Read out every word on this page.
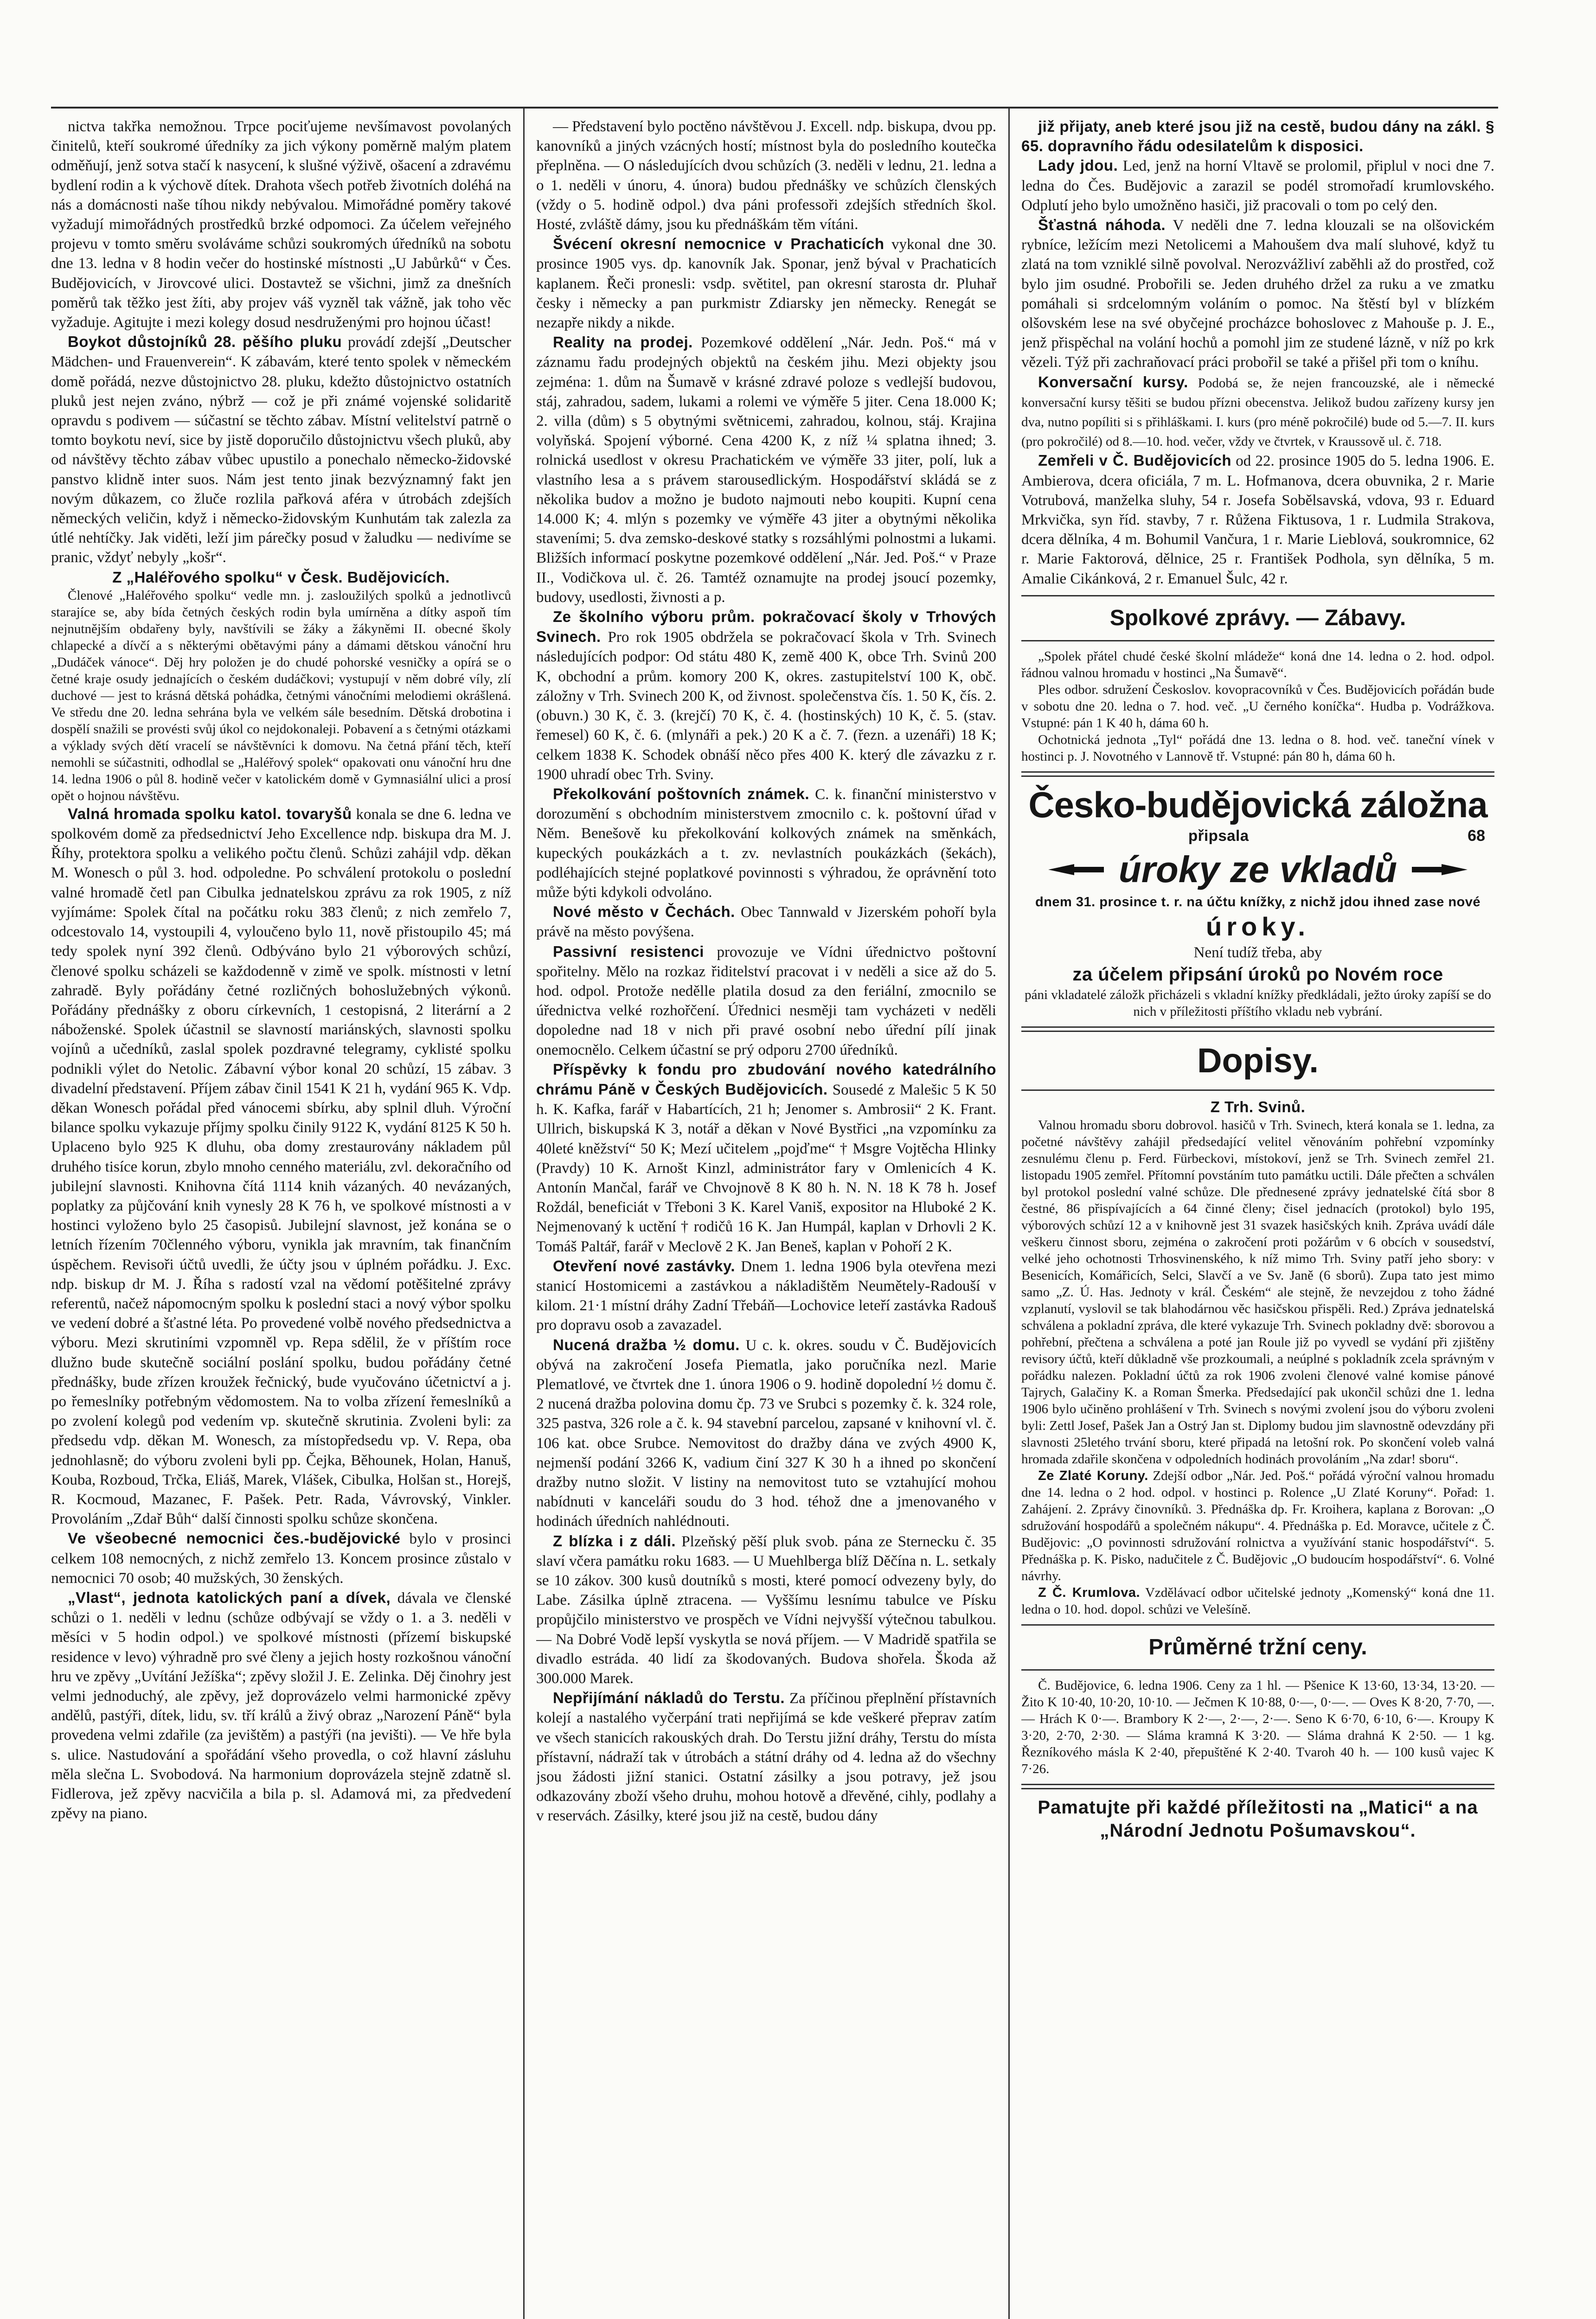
nictva takřka nemožnou. Trpce pociťujeme nevšímavost povolaných činitelů, kteří soukromé úředníky za jich výkony poměrně malým platem odměňují, jenž sotva stačí k nasycení, k slušné výživě, ošacení a zdravému bydlení rodin a k výchově dítek. Drahota všech potřeb životních doléhá na nás a domácnosti naše tíhou nikdy nebývalou. Mimořádné poměry takové vyžadují mimořádných prostředků brzké odpomoci. Za účelem veřejného projevu v tomto směru svoláváme schůzi soukromých úředníků na sobotu dne 13. ledna v 8 hodin večer do hostinské místnosti „U Jabůrků“ v Čes. Budějovicích, v Jirovcové ulici. Dostavtež se všichni, jimž za dnešních poměrů tak těžko jest žíti, aby projev váš vyzněl tak vážně, jak toho věc vyžaduje. Agitujte i mezi kolegy dosud nesdruženými pro hojnou účast!

Boykot důstojníků 28. pěšího pluku provádí zdejší „Deutscher Mädchen- und Frauenverein“. K zábavám, které tento spolek v německém domě pořádá, nezve důstojnictvo 28. pluku, kdežto důstojnictvo ostatních pluků jest nejen zváno, nýbrž — což je při známé vojenské solidaritě opravdu s podivem — súčastní se těchto zábav. Místní velitelství patrně o tomto boykotu neví, sice by jistě doporučilo důstojnictvu všech pluků, aby od návštěvy těchto zábav vůbec upustilo a ponechalo německo-židovské panstvo klidně inter suos. Nám jest tento jinak bezvýznamný fakt jen novým důkazem, co žluče rozlila pařková aféra v útrobách zdejších německých veličin, když i německo-židovským Kunhutám tak zalezla za útlé nehtíčky. Jak viděti, leží jim párečky posud v žaludku — nedivíme se pranic, vždyť nebyly „košr“.

Z „Haléřového spolku“ v Česk. Budějovicích.

Členové „Haléřového spolku“ vedle mn. j. zasloužilých spolků a jednotlivců starajíce se, aby bída četných českých rodin byla umírněna a dítky aspoň tím nejnutnějším obdařeny byly, navštívili se žáky a žákyněmi II. obecné školy chlapecké a dívčí a s některými obětavými pány a dámami dětskou vánoční hru „Dudáček vánoce“. Děj hry položen je do chudé pohorské vesničky a opírá se o četné kraje osudy jednajících o českém dudáčkovi; vystupují v něm dobré víly, zlí duchové — jest to krásná dětská pohádka, četnými vánočními melodiemi okrášlená. Ve středu dne 20. ledna sehrána byla ve velkém sále besedním. Dětská drobotina i dospělí snažili se provésti svůj úkol co nejdokonaleji. Pobavení a s četnými otázkami a výklady svých dětí vracelí se návštěvníci k domovu. Na četná přání těch, kteří nemohli se súčastniti, odhodlal se „Haléřový spolek“ opakovati onu vánoční hru dne 14. ledna 1906 o půl 8. hodině večer v katolickém domě v Gymnasiální ulici a prosí opět o hojnou návštěvu.

Valná hromada spolku katol. tovaryšů konala se dne 6. ledna ve spolkovém domě za předsednictví Jeho Excellence ndp. biskupa dra M. J. Říhy, protektora spolku a velikého počtu členů. Schůzi zahájil vdp. děkan M. Wonesch o půl 3. hod. odpoledne. Po schválení protokolu o poslední valné hromadě četl pan Cibulka jednatelskou zprávu za rok 1905, z níž vyjímáme: Spolek čítal na počátku roku 383 členů; z nich zemřelo 7, odcestovalo 14, vystoupili 4, vyloučeno bylo 11, nově přistoupilo 45; má tedy spolek nyní 392 členů. Odbýváno bylo 21 výborových schůzí, členové spolku scházeli se každodenně v zimě ve spolk. místnosti v letní zahradě. Byly pořádány četné rozličných bohoslužebných výkonů. Pořádány přednášky z oboru církevních, 1 cestopisná, 2 literární a 2 náboženské. Spolek účastnil se slavností mariánských, slavnosti spolku vojínů a učedníků, zaslal spolek pozdravné telegramy, cyklisté spolku podnikli výlet do Netolic. Zábavní výbor konal 20 schůzí, 15 zábav. 3 divadelní představení. Příjem zábav činil 1541 K 21 h, vydání 965 K. Vdp. děkan Wonesch pořádal před vánocemi sbírku, aby splnil dluh. Výroční bilance spolku vykazuje příjmy spolku činily 9122 K, vydání 8125 K 50 h. Uplaceno bylo 925 K dluhu, oba domy zrestaurovány nákladem půl druhého tisíce korun, zbylo mnoho cenného materiálu, zvl. dekoračního od jubilejní slavnosti. Knihovna čítá 1114 knih vázaných. 40 nevázaných, poplatky za půjčování knih vynesly 28 K 76 h, ve spolkové místnosti a v hostinci vyloženo bylo 25 časopisů. Jubilejní slavnost, jež konána se o letních řízením 70členného výboru, vynikla jak mravním, tak finančním úspěchem. Revisoři účtů uvedli, že účty jsou v úplném pořádku. J. Exc. ndp. biskup dr M. J. Říha s radostí vzal na vědomí potěšitelné zprávy referentů, načež nápomocným spolku k poslední staci a nový výbor spolku ve vedení dobré a šťastné léta. Po provedené volbě nového předsednictva a výboru. Mezi skrutiními vzpomněl vp. Repa sdělil, že v příštím roce dlužno bude skutečně sociální poslání spolku, budou pořádány četné přednášky, bude zřízen kroužek řečnický, bude vyučováno účetnictví a j. po řemeslníky potřebným vědomostem. Na to volba zřízení řemeslníků a po zvolení kolegů pod vedením vp. skutečně skrutinia. Zvoleni byli: za předsedu vdp. děkan M. Wonesch, za místopředsedu vp. V. Repa, oba jednohlasně; do výboru zvoleni byli pp. Čejka, Běhounek, Holan, Hanuš, Kouba, Rozboud, Trčka, Eliáš, Marek, Vlášek, Cibulka, Holšan st., Horejš, R. Kocmoud, Mazanec, F. Pašek. Petr. Rada, Vávrovský, Vinkler. Provoláním „Zdař Bůh“ další činnosti spolku schůze skončena.

Ve všeobecné nemocnici čes.-budějovické bylo v prosinci celkem 108 nemocných, z nichž zemřelo 13. Koncem prosince zůstalo v nemocnici 70 osob; 40 mužských, 30 ženských.

„Vlast“, jednota katolických paní a dívek, dávala ve členské schůzi o 1. neděli v lednu (schůze odbývají se vždy o 1. a 3. neděli v měsíci v 5 hodin odpol.) ve spolkové místnosti (přízemí biskupské residence v levo) výhradně pro své členy a jejich hosty rozkošnou vánoční hru ve zpěvy „Uvítání Ježíška“; zpěvy složil J. E. Zelinka. Děj činohry jest velmi jednoduchý, ale zpěvy, jež doprovázelo velmi harmonické zpěvy andělů, pastýři, dítek, lidu, sv. tří králů a živý obraz „Narození Páně“ byla provedena velmi zdařile (za jevištěm) a pastýři (na jevišti). — Ve hře byla s. ulice. Nastudování a spořádání všeho provedla, o což hlavní zásluhu měla slečna L. Svobodová. Na harmonium doprovázela stejně zdatně sl. Fidlerova, jež zpěvy nacvičila a bila p. sl. Adamová mi, za předvedení zpěvy na piano.

— Představení bylo poctěno návštěvou J. Excell. ndp. biskupa, dvou pp. kanovníků a jiných vzácných hostí; místnost byla do posledního koutečka přeplněna. — O následujících dvou schůzích (3. neděli v lednu, 21. ledna a o 1. neděli v únoru, 4. února) budou přednášky ve schůzích členských (vždy o 5. hodině odpol.) dva páni professoři zdejších středních škol. Hosté, zvláště dámy, jsou ku přednáškám těm vítáni.

Švécení okresní nemocnice v Prachaticích vykonal dne 30. prosince 1905 vys. dp. kanovník Jak. Sponar, jenž býval v Prachaticích kaplanem. Řeči pronesli: vsdp. světitel, pan okresní starosta dr. Pluhař česky i německy a pan purkmistr Zdiarsky jen německy. Renegát se nezapře nikdy a nikde.

Reality na prodej. Pozemkové oddělení „Nár. Jedn. Poš.“ má v záznamu řadu prodejných objektů na českém jihu. Mezi objekty jsou zejména: 1. dům na Šumavě v krásné zdravé poloze s vedlejší budovou, stáj, zahradou, sadem, lukami a rolemi ve výměře 5 jiter. Cena 18.000 K; 2. villa (dům) s 5 obytnými světnicemi, zahradou, kolnou, stáj. Krajina volyňská. Spojení výborné. Cena 4200 K, z níž ¼ splatna ihned; 3. rolnická usedlost v okresu Prachatickém ve výměře 33 jiter, polí, luk a vlastního lesa a s právem starousedlickým. Hospodářství skládá se z několika budov a možno je budoto najmouti nebo koupiti. Kupní cena 14.000 K; 4. mlýn s pozemky ve výměře 43 jiter a obytnými několika staveními; 5. dva zemsko-deskové statky s rozsáhlými polnostmi a lukami. Bližších informací poskytne pozemkové oddělení „Nár. Jed. Poš.“ v Praze II., Vodičkova ul. č. 26. Tamtéž oznamujte na prodej jsoucí pozemky, budovy, usedlosti, živnosti a p.

Ze školního výboru prům. pokračovací školy v Trhových Svinech. Pro rok 1905 obdržela se pokračovací škola v Trh. Svinech následujících podpor: Od státu 480 K, země 400 K, obce Trh. Svinů 200 K, obchodní a prům. komory 200 K, okres. zastupitelství 100 K, obč. záložny v Trh. Svinech 200 K, od živnost. společenstva čís. 1. 50 K, čís. 2. (obuvn.) 30 K, č. 3. (krejčí) 70 K, č. 4. (hostinských) 10 K, č. 5. (stav. řemesel) 60 K, č. 6. (mlynáři a pek.) 20 K a č. 7. (řezn. a uzenáři) 18 K; celkem 1838 K. Schodek obnáší něco přes 400 K. který dle závazku z r. 1900 uhradí obec Trh. Sviny.

Překolkování poštovních známek. C. k. finanční ministerstvo v dorozumění s obchodním ministerstvem zmocnilo c. k. poštovní úřad v Něm. Benešově ku překolkování kolkových známek na směnkách, kupeckých poukázkách a t. zv. nevlastních poukázkách (šekách), podléhajících stejné poplatkové povinnosti s výhradou, že oprávnění toto může býti kdykoli odvoláno.

Nové město v Čechách. Obec Tannwald v Jizerském pohoří byla právě na město povýšena.

Passivní resistenci provozuje ve Vídni úřednictvo poštovní spořitelny. Mělo na rozkaz řiditelství pracovat i v neděli a sice až do 5. hod. odpol. Protože nedělle platila dosud za den feriální, zmocnilo se úřednictva velké rozhořčení. Úřednici nesměji tam vycházeti v neděli dopoledne nad 18 v nich při pravé osobní nebo úřední pílí jinak onemocnělo. Celkem účastní se prý odporu 2700 úředníků.

Příspěvky k fondu pro zbudování nového katedrálního chrámu Páně v Českých Budějovicích. Sousedé z Malešic 5 K 50 h. K. Kafka, farář v Habartících, 21 h; Jenomer s. Ambrosii“ 2 K. Frant. Ullrich, biskupská K 3, notář a děkan v Nové Bystřici „na vzpomínku za 40leté kněžství“ 50 K; Mezí učitelem „pojďme“ † Msgre Vojtěcha Hlinky (Pravdy) 10 K. Arnošt Kinzl, administrátor fary v Omlenicích 4 K. Antonín Mančal, farář ve Chvojnově 8 K 80 h. N. N. 18 K 78 h. Josef Roždál, beneficiát v Třeboni 3 K. Karel Vaniš, expositor na Hluboké 2 K. Nejmenovaný k uctění † rodičů 16 K. Jan Humpál, kaplan v Drhovli 2 K. Tomáš Paltář, farář v Meclově 2 K. Jan Beneš, kaplan v Pohoří 2 K.

Otevření nové zastávky. Dnem 1. ledna 1906 byla otevřena mezi stanicí Hostomicemi a zastávkou a nákladištěm Neumětely-Radouší v kilom. 21·1 místní dráhy Zadní Třebáň—Lochovice leteří zastávka Radouš pro dopravu osob a zavazadel.

Nucená dražba ½ domu. U c. k. okres. soudu v Č. Budějovicích obývá na zakročení Josefa Piematla, jako poručníka nezl. Marie Plematlové, ve čtvrtek dne 1. února 1906 o 9. hodině dopolední ½ domu č. 2 nucená dražba polovina domu čp. 73 ve Srubci s pozemky č. k. 324 role, 325 pastva, 326 role a č. k. 94 stavební parcelou, zapsané v knihovní vl. č. 106 kat. obce Srubce. Nemovitost do dražby dána ve zvých 4900 K, nejmenší podání 3266 K, vadium činí 327 K 30 h a ihned po skončení dražby nutno složit. V listiny na nemovitost tuto se vztahující mohou nabídnuti v kanceláři soudu do 3 hod. téhož dne a jmenovaného v hodinách úředních nahlédnouti.

Z blízka i z dáli. Plzeňský pěší pluk svob. pána ze Sternecku č. 35 slaví včera památku roku 1683. — U Muehlberga blíž Děčína n. L. setkaly se 10 zákov. 300 kusů doutníků s mosti, které pomocí odvezeny byly, do Labe. Zásilka úplně ztracena. — Vyššímu lesnímu tabulce ve Písku propůjčilo ministerstvo ve prospěch ve Vídni nejvyšší výtečnou tabulkou. — Na Dobré Vodě lepší vyskytla se nová příjem. — V Madridě spatřila se divadlo estráda. 40 lidí za škodovaných. Budova shořela. Škoda až 300.000 Marek.

Nepřijímání nákladů do Terstu. Za příčinou přeplnění přístavních kolejí a nastalého vyčerpání trati nepřijímá se kde veškeré přeprav zatím ve všech stanicích rakouských drah. Do Terstu jižní dráhy, Terstu do místa přístavní, nádraží tak v útrobách a státní dráhy od 4. ledna až do všechny jsou žádosti jižní stanici. Ostatní zásilky a jsou potravy, jež jsou odkazovány zboží všeho druhu, mohou hotově a dřevěné, cihly, podlahy a v reservách. Zásilky, které jsou již na cestě, budou dány

již přijaty, aneb které jsou již na cestě, budou dány na zákl. § 65. dopravního řádu odesilatelům k disposici.

Lady jdou. Led, jenž na horní Vltavě se prolomil, připlul v noci dne 7. ledna do Čes. Budějovic a zarazil se podél stromořadí krumlovského. Odplutí jeho bylo umožněno hasiči, již pracovali o tom po celý den.

Šťastná náhoda. V neděli dne 7. ledna klouzali se na olšovickém rybníce, ležícím mezi Netolicemi a Mahoušem dva malí sluhové, když tu zlatá na tom vzniklé silně povolval. Nerozvážliví zaběhli až do prostřed, což bylo jim osudné. Probořili se. Jeden druhého držel za ruku a ve zmatku pomáhali si srdcelomným voláním o pomoc. Na štěstí byl v blízkém olšovském lese na své obyčejné procházce bohoslovec z Mahouše p. J. E., jenž přispěchal na volání hochů a pomohl jim ze studené lázně, v níž po krk vězeli. Týž při zachraňovací práci probořil se také a přišel při tom o kníhu.

Konversační kursy. Podobá se, že nejen francouzské, ale i německé konversační kursy těšiti se budou přízni obecenstva. Jelikož budou zařízeny kursy jen dva, nutno popíliti si s přihláškami. I. kurs (pro méně pokročilé) bude od 5.—7. II. kurs (pro pokročilé) od 8.—10. hod. večer, vždy ve čtvrtek, v Kraussově ul. č. 718.

Zemřeli v Č. Budějovicích od 22. prosince 1905 do 5. ledna 1906. E. Ambierova, dcera oficiála, 7 m. L. Hofmanova, dcera obuvnika, 2 r. Marie Votrubová, manželka sluhy, 54 r. Josefa Sobělsavská, vdova, 93 r. Eduard Mrkvička, syn říd. stavby, 7 r. Růžena Fiktusova, 1 r. Ludmila Strakova, dcera dělníka, 4 m. Bohumil Vančura, 1 r. Marie Lieblová, soukromnice, 62 r. Marie Faktorová, dělnice, 25 r. František Podhola, syn dělníka, 5 m. Amalie Cikánková, 2 r. Emanuel Šulc, 42 r.

Spolkové zprávy. — Zábavy.

„Spolek přátel chudé české školní mládeže“ koná dne 14. ledna o 2. hod. odpol. řádnou valnou hromadu v hostinci „Na Šumavě“.

Ples odbor. sdružení Českoslov. kovopracovníků v Čes. Budějovicích pořádán bude v sobotu dne 20. ledna o 7. hod. več. „U černého koníčka“. Hudba p. Vodrážkova. Vstupné: pán 1 K 40 h, dáma 60 h.

Ochotnická jednota „Tyl“ pořádá dne 13. ledna o 8. hod. več. taneční vínek v hostinci p. J. Novotného v Lannově tř. Vstupné: pán 80 h, dáma 60 h.

Česko-budějovická záložna
připsala	68
úroky ze vkladů

dnem 31. prosince t. r. na účtu knížky, z nichž jdou ihned zase nové

úroky.

Není tudíž třeba, aby

za účelem připsání úroků po Novém roce

páni vkladatelé záložk přicházeli s vkladní knížky předkládali, ježto úroky zapíší se do nich v příležitosti příštího vkladu neb vybrání.

Dopisy.

Z Trh. Svinů.

Valnou hromadu sboru dobrovol. hasičů v Trh. Svinech, která konala se 1. ledna, za početné návštěvy zahájil předsedající velitel věnováním pohřební vzpomínky zesnulému členu p. Ferd. Fürbeckovi, místokoví, jenž se Trh. Svinech zemřel 21. listopadu 1905 zemřel. Přítomní povstáním tuto památku uctili. Dále přečten a schválen byl protokol poslední valné schůze. Dle přednesené zprávy jednatelské čítá sbor 8 čestné, 86 přispívajících a 64 činné členy; čisel jednacích (protokol) bylo 195, výborových schůzí 12 a v knihovně jest 31 svazek hasičských knih. Zpráva uvádí dále veškeru činnost sboru, zejména o zakročení proti požárům v 6 obcích v sousedství, velké jeho ochotnosti Trhosvinenského, k níž mimo Trh. Sviny patří jeho sbory: v Besenicích, Komářicích, Selci, Slavčí a ve Sv. Janě (6 sborů). Zupa tato jest mimo samo „Z. Ú. Has. Jednoty v král. Českém“ ale stejně, že nevzejdou z toho žádné vzplanutí, vyslovil se tak blahodárnou věc hasičskou přispěli. Red.) Zpráva jednatelská schválena a pokladní zpráva, dle které vykazuje Trh. Svinech pokladny dvě: sborovou a pohřební, přečtena a schválena a poté jan Roule již po vyvedl se vydání při zjištěny revisory účtů, kteří důkladně vše prozkoumali, a neúplné s pokladník zcela správným v pořádku nalezen. Pokladní účtů za rok 1906 zvoleni členové valné komise pánové Tajrych, Galačiny K. a Roman Šmerka. Předsedající pak ukončil schůzi dne 1. ledna 1906 bylo učiněno prohlášení v Trh. Svinech s novými zvolení jsou do výboru zvoleni byli: Zettl Josef, Pašek Jan a Ostrý Jan st. Diplomy budou jim slavnostně odevzdány při slavnosti 25letého trvání sboru, které připadá na letošní rok. Po skončení voleb valná hromada zdařile skončena v odpoledních hodinách provoláním „Na zdar! sboru“.

Ze Zlaté Koruny. Zdejší odbor „Nár. Jed. Poš.“ pořádá výroční valnou hromadu dne 14. ledna o 2 hod. odpol. v hostinci p. Rolence „U Zlaté Koruny“. Pořad: 1. Zahájení. 2. Zprávy činovníků. 3. Přednáška dp. Fr. Kroihera, kaplana z Borovan: „O sdružování hospodářů a společném nákupu“. 4. Přednáška p. Ed. Moravce, učitele z Č. Budějovic: „O povinnosti sdružování rolnictva a využívání stanic hospodářství“. 5. Přednáška p. K. Pisko, nadučitele z Č. Budějovic „O budoucím hospodářství“. 6. Volné návrhy.

Z Č. Krumlova. Vzdělávací odbor učitelské jednoty „Komenský“ koná dne 11. ledna o 10. hod. dopol. schůzi ve Velešíně.

Průměrné tržní ceny.

Č. Budějovice, 6. ledna 1906. Ceny za 1 hl. — Pšenice K 13·60, 13·34, 13·20. — Žito K 10·40, 10·20, 10·10. — Ječmen K 10·88, 0·—, 0·—. — Oves K 8·20, 7·70, —. — Hrách K 0·—. Brambory K 2·—, 2·—, 2·—. Seno K 6·70, 6·10, 6·—. Kroupy K 3·20, 2·70, 2·30. — Sláma kramná K 3·20. — Sláma drahná K 2·50. — 1 kg. Řezníkového másla K 2·40, přepuštěné K 2·40. Tvaroh 40 h. — 100 kusů vajec K 7·26.

Pamatujte při každé příležitosti na „Matici“ a na „Národní Jednotu Pošumavskou“.
